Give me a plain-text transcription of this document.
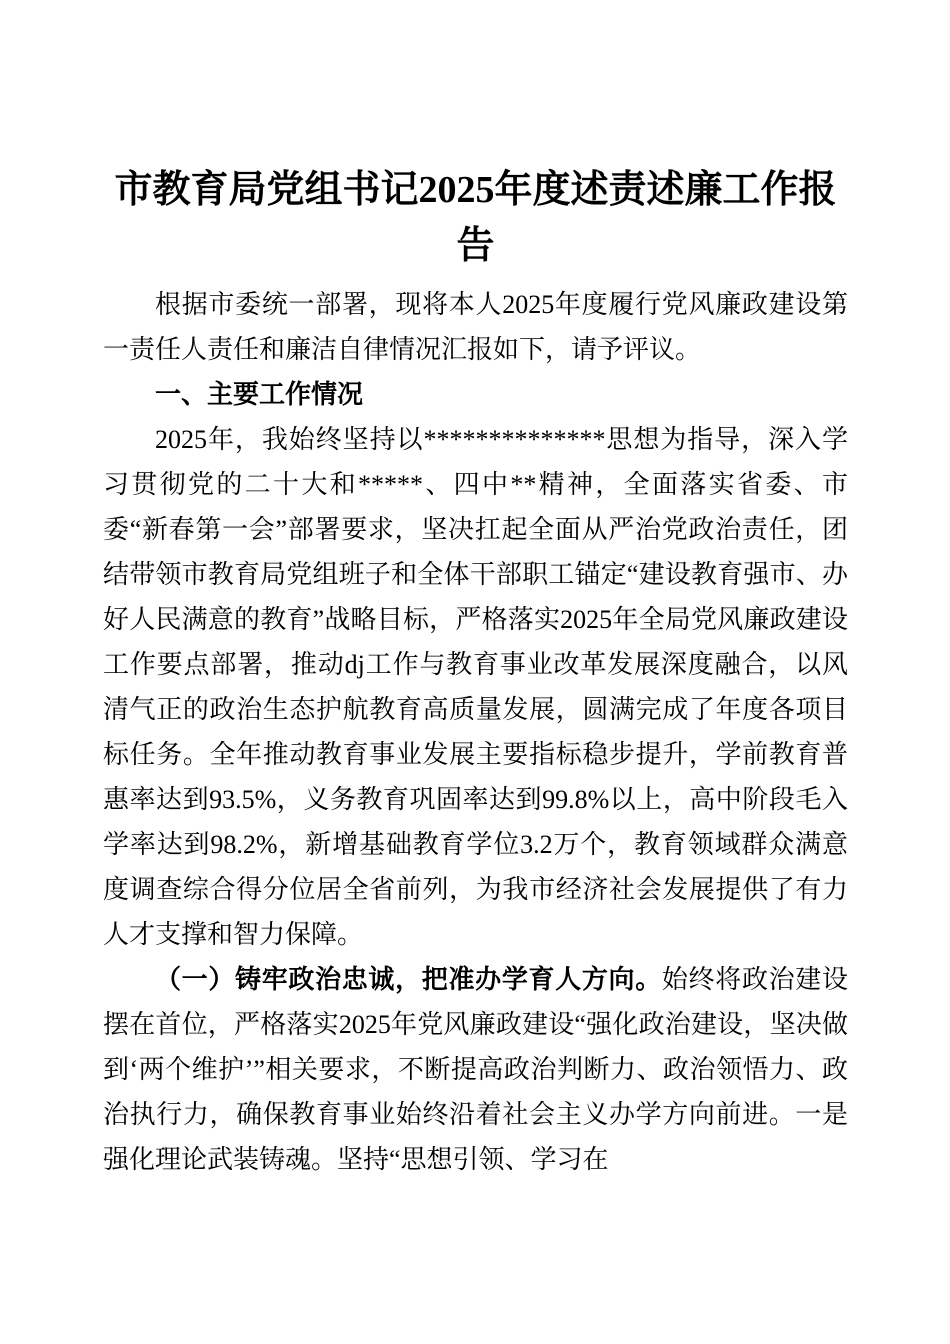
市教育局党组书记2025年度述责述廉工作报告

根据市委统一部署，现将本人2025年度履行党风廉政建设第一责任人责任和廉洁自律情况汇报如下，请予评议。

一、主要工作情况

2025年，我始终坚持以**************思想为指导，深入学习贯彻党的二十大和*****、四中**精神，全面落实省委、市委“新春第一会”部署要求，坚决扛起全面从严治党政治责任，团结带领市教育局党组班子和全体干部职工锚定“建设教育强市、办好人民满意的教育”战略目标，严格落实2025年全局党风廉政建设工作要点部署，推动dj工作与教育事业改革发展深度融合，以风清气正的政治生态护航教育高质量发展，圆满完成了年度各项目标任务。全年推动教育事业发展主要指标稳步提升，学前教育普惠率达到93.5%，义务教育巩固率达到99.8%以上，高中阶段毛入学率达到98.2%，新增基础教育学位3.2万个，教育领域群众满意度调查综合得分位居全省前列，为我市经济社会发展提供了有力人才支撑和智力保障。

（一）铸牢政治忠诚，把准办学育人方向。始终将政治建设摆在首位，严格落实2025年党风廉政建设“强化政治建设，坚决做到‘两个维护’”相关要求，不断提高政治判断力、政治领悟力、政治执行力，确保教育事业始终沿着社会主义办学方向前进。一是强化理论武装铸魂。坚持“思想引领、学习在
